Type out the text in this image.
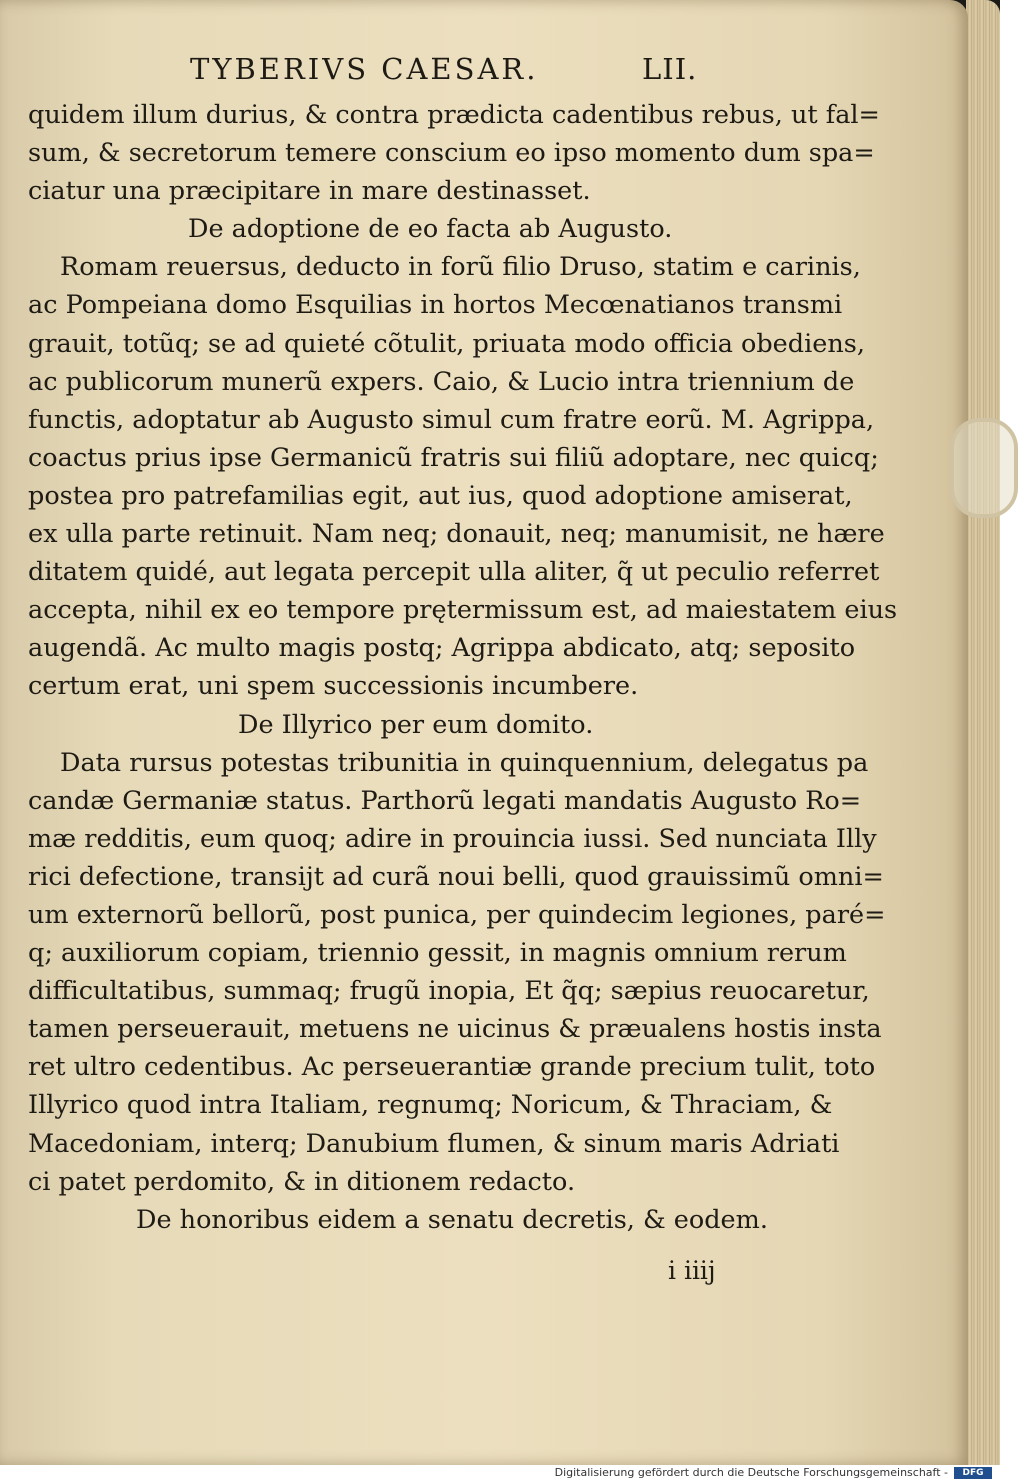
TYBERIVS CAESAR.	LII.
quidem illum durius, & contra prædicta cadentibus rebus, ut fal=
sum, & secretorum temere conscium eo ipso momento dum spa=
ciatur una præcipitare in mare destinasset.
De adoptione de eo facta ab Augusto.
Romam reuersus, deducto in forũ filio Druso, statim e carinis,
ac Pompeiana domo Esquilias in hortos Mecœnatianos transmi
grauit, totũq; se ad quieté cõtulit, priuata modo officia obediens,
ac publicorum munerũ expers. Caio, & Lucio intra triennium de
functis, adoptatur ab Augusto simul cum fratre eorũ. M. Agrippa,
coactus prius ipse Germanicũ fratris sui filiũ adoptare, nec quicq;
postea pro patrefamilias egit, aut ius, quod adoptione amiserat,
ex ulla parte retinuit. Nam neq; donauit, neq; manumisit, ne hære
ditatem quidé, aut legata percepit ulla aliter, q̃ ut peculio referret
accepta, nihil ex eo tempore prętermissum est, ad maiestatem eius
augendã. Ac multo magis postq; Agrippa abdicato, atq; seposito
certum erat, uni spem successionis incumbere.
De Illyrico per eum domito.
Data rursus potestas tribunitia in quinquennium, delegatus pa
candæ Germaniæ status. Parthorũ legati mandatis Augusto Ro=
mæ redditis, eum quoq; adire in prouincia iussi. Sed nunciata Illy
rici defectione, transijt ad curã noui belli, quod grauissimũ omni=
um externorũ bellorũ, post punica, per quindecim legiones, paré=
q; auxiliorum copiam, triennio gessit, in magnis omnium rerum
difficultatibus, summaq; frugũ inopia, Et q̃q; sæpius reuocaretur,
tamen perseuerauit, metuens ne uicinus & præualens hostis insta
ret ultro cedentibus. Ac perseuerantiæ grande precium tulit, toto
Illyrico quod intra Italiam, regnumq; Noricum, & Thraciam, &
Macedoniam, interq; Danubium flumen, & sinum maris Adriati
ci patet perdomito, & in ditionem redacto.
De honoribus eidem a senatu decretis, & eodem.
i iiij
Digitalisierung gefördert durch die Deutsche Forschungsgemeinschaft -	DFG
